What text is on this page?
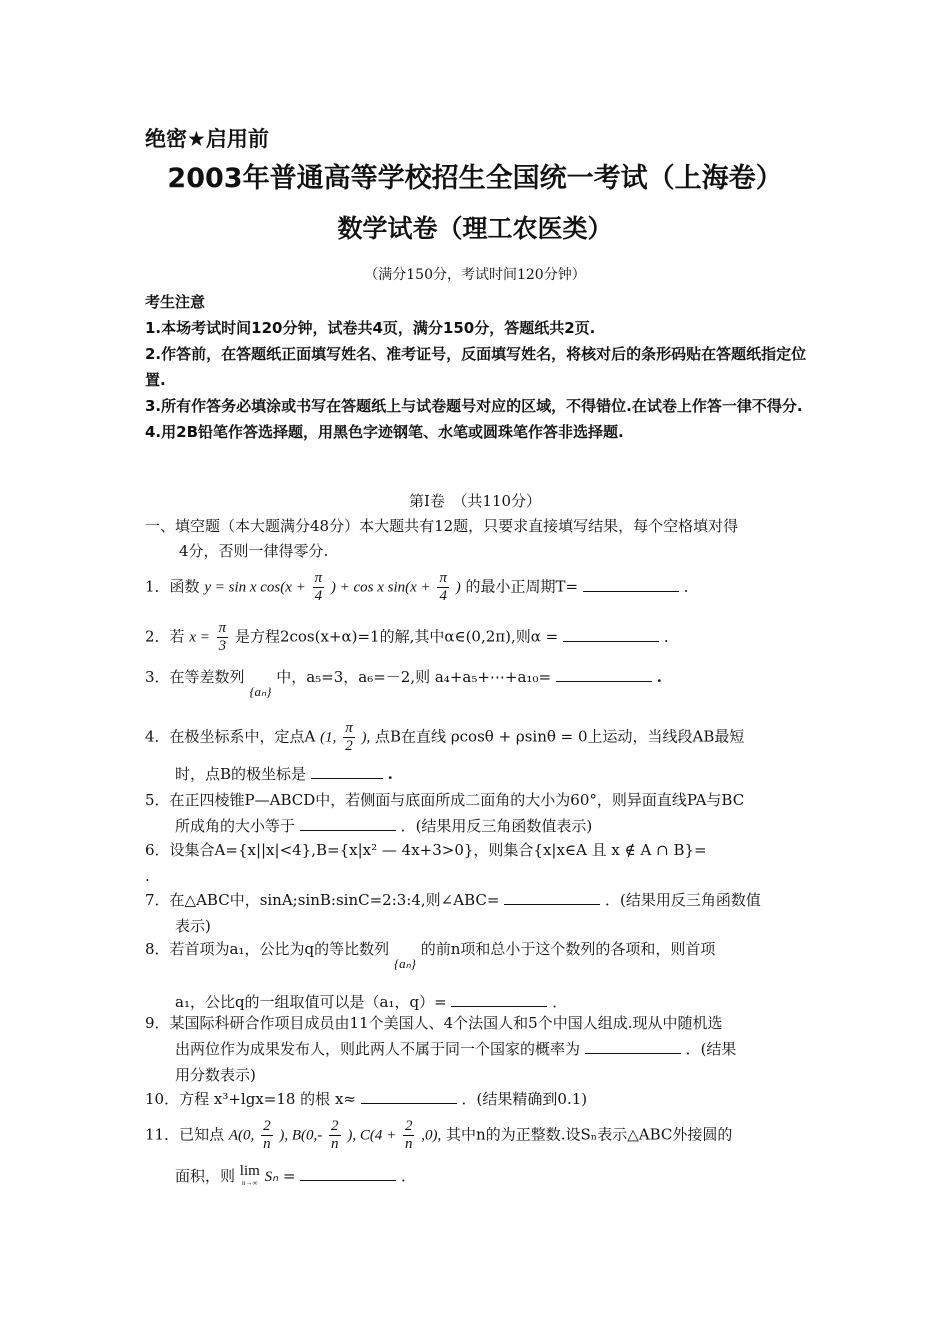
绝密★启用前
2003年普通高等学校招生全国统一考试（上海卷）
数学试卷（理工农医类）
（满分150分，考试时间120分钟）

考生注意

1.本场考试时间120分钟，试卷共4页，满分150分，答题纸共2页.

2.作答前，在答题纸正面填写姓名、准考证号，反面填写姓名，将核对后的条形码贴在答题纸指定位置.

3.所有作答务必填涂或书写在答题纸上与试卷题号对应的区域，不得错位.在试卷上作答一律不得分.

4.用2B铅笔作答选择题，用黑色字迹钢笔、水笔或圆珠笔作答非选择题.

第Ⅰ卷　（共110分）
一、填空题（本大题满分48分）本大题共有12题，只要求直接填写结果，每个空格填对得
4分，否则一律得零分.
1．函数 y = sin x $\cos(x + \frac{\pi}{4}$ ) + cos x $\sin(x + \frac{\pi}{4}$ ) 的最小正周期T=	．
2．若 $x = \frac{\pi}{3}$ 是方程2cos(x+α)=1的解,其中α∈(0,2π),则α =	．
3．在等差数列 {aₙ} 中，a₅=3，a₆=－2,则 a₄+a₅+⋯+a₁₀=	.
4．在极坐标系中，定点A (1, $\frac{\pi}{2}$ ), 点B在直线 ρcosθ + ρsinθ = 0上运动，当线段AB最短
时，点B的极坐标是	.
5．在正四棱锥P—ABCD中，若侧面与底面所成二面角的大小为60°，则异面直线PA与BC
所成角的大小等于	．(结果用反三角函数值表示)
6．设集合A={x||x|<4},B={x|x² — 4x+3>0}，则集合{x|x∈A 且 x ∉ A ∩ B}=
.
7．在△ABC中，sinA;sinB:sinC=2:3:4,则∠ABC=	．(结果用反三角函数值
表示)
8．若首项为a₁，公比为q的等比数列 {aₙ} 的前n项和总小于这个数列的各项和，则首项
a₁，公比q的一组取值可以是（a₁，q）=	．
9．某国际科研合作项目成员由11个美国人、4个法国人和5个中国人组成.现从中随机选
出两位作为成果发布人，则此两人不属于同一个国家的概率为	．(结果
用分数表示)
10．方程 x³+lgx=18 的根 x≈	．(结果精确到0.1)
11．已知点 A(0, $\frac{2}{n}$ ), $B(0,- \frac{2}{n}$ ), $C(4 + \frac{2}{n} ,0)$, 其中n的为正整数.设Sₙ表示△ABC外接圆的
面积，则 lim
n→∞ Sₙ =	．
